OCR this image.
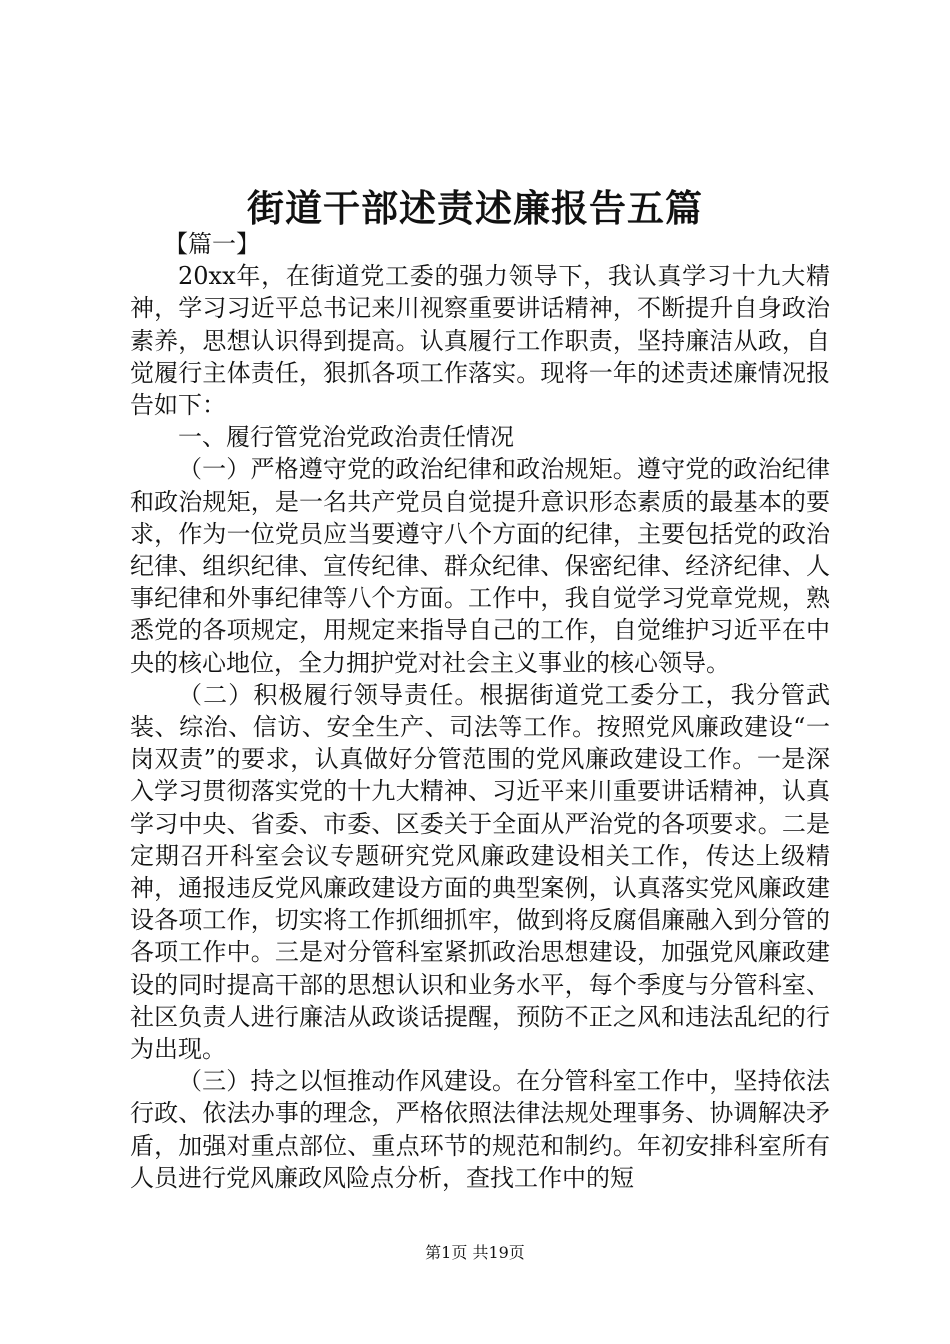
街道干部述责述廉报告五篇

【篇一】

20xx年，在街道党工委的强力领导下，我认真学习十九大精神，学习习近平总书记来川视察重要讲话精神，不断提升自身政治素养，思想认识得到提高。认真履行工作职责，坚持廉洁从政，自觉履行主体责任，狠抓各项工作落实。现将一年的述责述廉情况报告如下：

一、履行管党治党政治责任情况

（一）严格遵守党的政治纪律和政治规矩。遵守党的政治纪律和政治规矩，是一名共产党员自觉提升意识形态素质的最基本的要求，作为一位党员应当要遵守八个方面的纪律，主要包括党的政治纪律、组织纪律、宣传纪律、群众纪律、保密纪律、经济纪律、人事纪律和外事纪律等八个方面。工作中，我自觉学习党章党规，熟悉党的各项规定，用规定来指导自己的工作，自觉维护习近平在中央的核心地位，全力拥护党对社会主义事业的核心领导。

（二）积极履行领导责任。根据街道党工委分工，我分管武装、综治、信访、安全生产、司法等工作。按照党风廉政建设“一岗双责”的要求，认真做好分管范围的党风廉政建设工作。一是深入学习贯彻落实党的十九大精神、习近平来川重要讲话精神，认真学习中央、省委、市委、区委关于全面从严治党的各项要求。二是定期召开科室会议专题研究党风廉政建设相关工作，传达上级精神，通报违反党风廉政建设方面的典型案例，认真落实党风廉政建设各项工作，切实将工作抓细抓牢，做到将反腐倡廉融入到分管的各项工作中。三是对分管科室紧抓政治思想建设，加强党风廉政建设的同时提高干部的思想认识和业务水平，每个季度与分管科室、社区负责人进行廉洁从政谈话提醒，预防不正之风和违法乱纪的行为出现。

（三）持之以恒推动作风建设。在分管科室工作中，坚持依法行政、依法办事的理念，严格依照法律法规处理事务、协调解决矛盾，加强对重点部位、重点环节的规范和制约。年初安排科室所有人员进行党风廉政风险点分析，查找工作中的短

第1页 共19页
